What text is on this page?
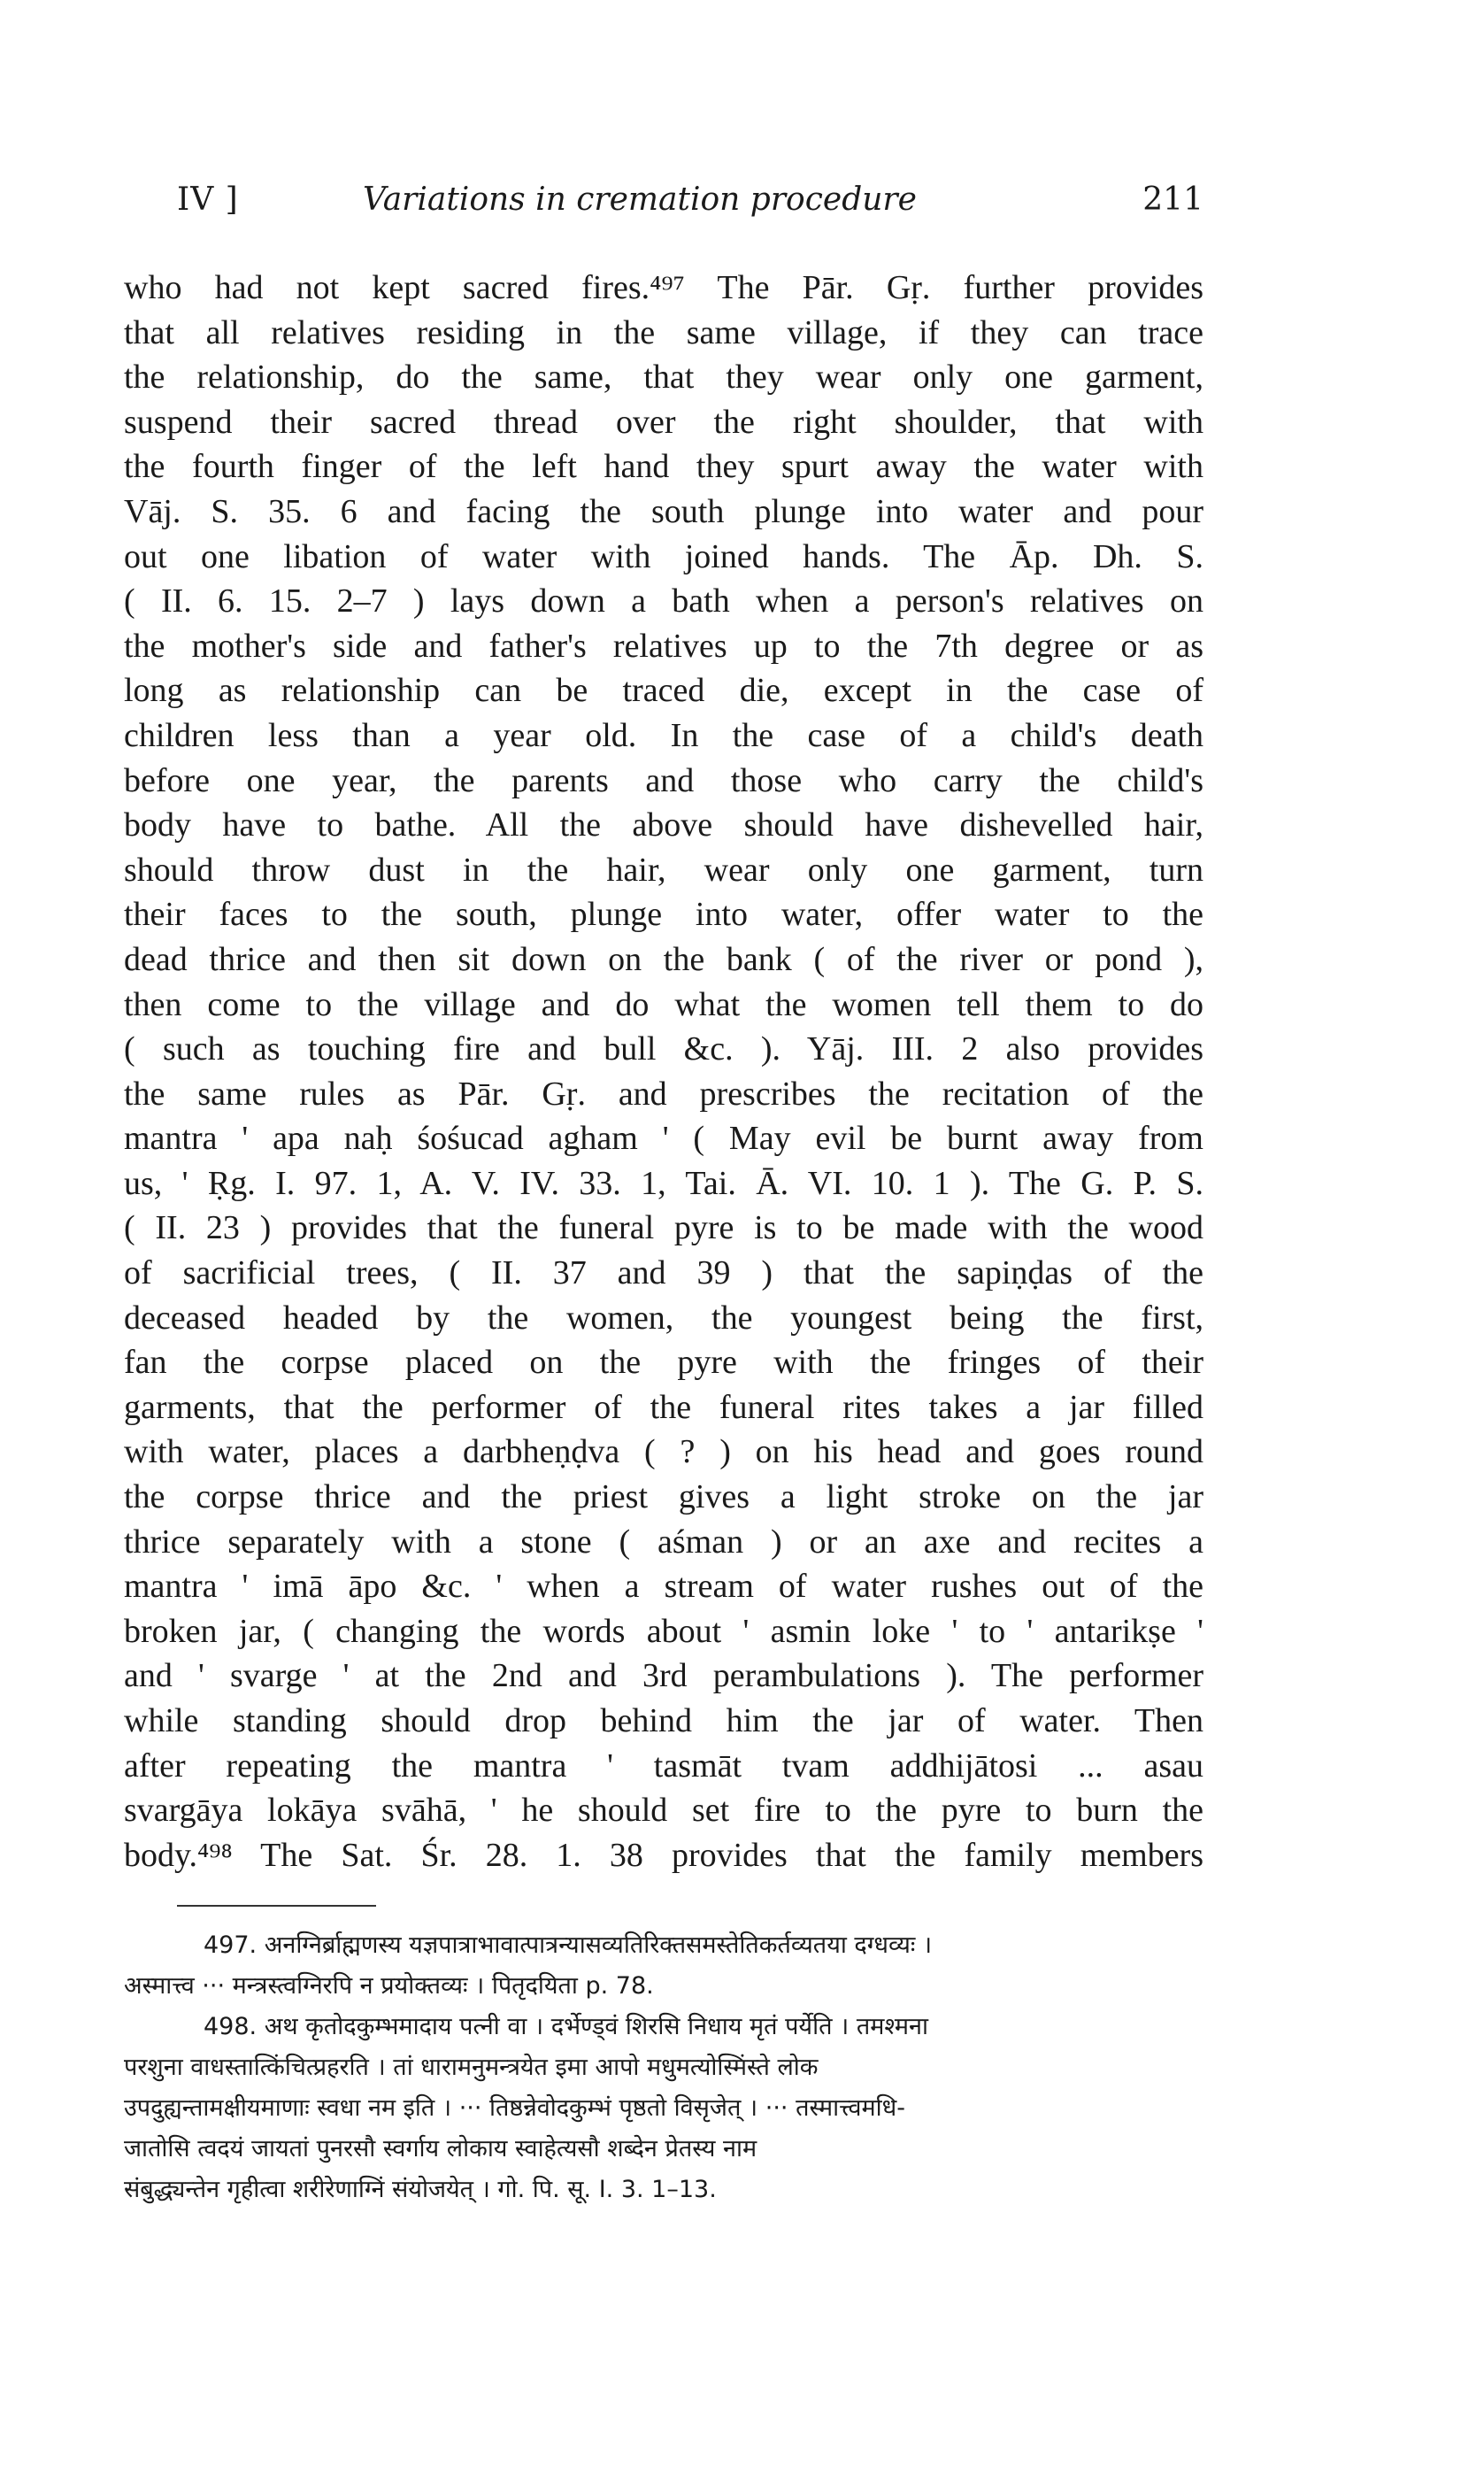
IV ]	Variations in cremation procedure	211
who had not kept sacred fires.⁴⁹⁷ The Pār. Gṛ. further provides
that all relatives residing in the same village, if they can trace
the relationship, do the same, that they wear only one garment,
suspend their sacred thread over the right shoulder, that with
the fourth finger of the left hand they spurt away the water with
Vāj. S. 35. 6 and facing the south plunge into water and pour
out one libation of water with joined hands. The Āp. Dh. S.
( II. 6. 15. 2–7 ) lays down a bath when a person's relatives on
the mother's side and father's relatives up to the 7th degree or as
long as relationship can be traced die, except in the case of
children less than a year old. In the case of a child's death
before one year, the parents and those who carry the child's
body have to bathe. All the above should have dishevelled hair,
should throw dust in the hair, wear only one garment, turn
their faces to the south, plunge into water, offer water to the
dead thrice and then sit down on the bank ( of the river or pond ),
then come to the village and do what the women tell them to do
( such as touching fire and bull &c. ). Yāj. III. 2 also provides
the same rules as Pār. Gṛ. and prescribes the recitation of the
mantra ' apa naḥ śośucad agham ' ( May evil be burnt away from
us, ' Ṛg. I. 97. 1, A. V. IV. 33. 1, Tai. Ā. VI. 10. 1 ). The G. P. S.
( II. 23 ) provides that the funeral pyre is to be made with the wood
of sacrificial trees, ( II. 37 and 39 ) that the sapiṇḍas of the
deceased headed by the women, the youngest being the first,
fan the corpse placed on the pyre with the fringes of their
garments, that the performer of the funeral rites takes a jar filled
with water, places a darbheṇḍva ( ? ) on his head and goes round
the corpse thrice and the priest gives a light stroke on the jar
thrice separately with a stone ( aśman ) or an axe and recites a
mantra ' imā āpo &c. ' when a stream of water rushes out of the
broken jar, ( changing the words about ' asmin loke ' to ' antarikṣe '
and ' svarge ' at the 2nd and 3rd perambulations ). The performer
while standing should drop behind him the jar of water. Then
after repeating the mantra ' tasmāt tvam addhijātosi ... asau
svargāya lokāya svāhā, ' he should set fire to the pyre to burn the
body.⁴⁹⁸ The Sat. Śr. 28. 1. 38 provides that the family members
497. अनग्निर्ब्राह्मणस्य यज्ञपात्राभावात्पात्रन्यासव्यतिरिक्तसमस्तेतिकर्तव्यतया दग्धव्यः ।
अस्मात्त्व ··· मन्त्रस्त्वग्निरपि न प्रयोक्तव्यः । पितृदयिता p. 78.
498. अथ कृतोदकुम्भमादाय पत्नी वा । दर्भेण्ड्वं शिरसि निधाय मृतं पर्येति । तमश्मना
परशुना वाधस्तात्किंचित्प्रहरति । तां धारामनुमन्त्रयेत इमा आपो मधुमत्योस्मिंस्ते लोक
उपदुह्यन्तामक्षीयमाणाः स्वधा नम इति । ··· तिष्ठन्नेवोदकुम्भं पृष्ठतो विसृजेत् । ··· तस्मात्त्वमधि-
जातोसि त्वदयं जायतां पुनरसौ स्वर्गाय लोकाय स्वाहेत्यसौ शब्देन प्रेतस्य नाम
संबुद्ध्यन्तेन गृहीत्वा शरीरेणाग्निं संयोजयेत् । गो. पि. सू. I. 3. 1–13.
